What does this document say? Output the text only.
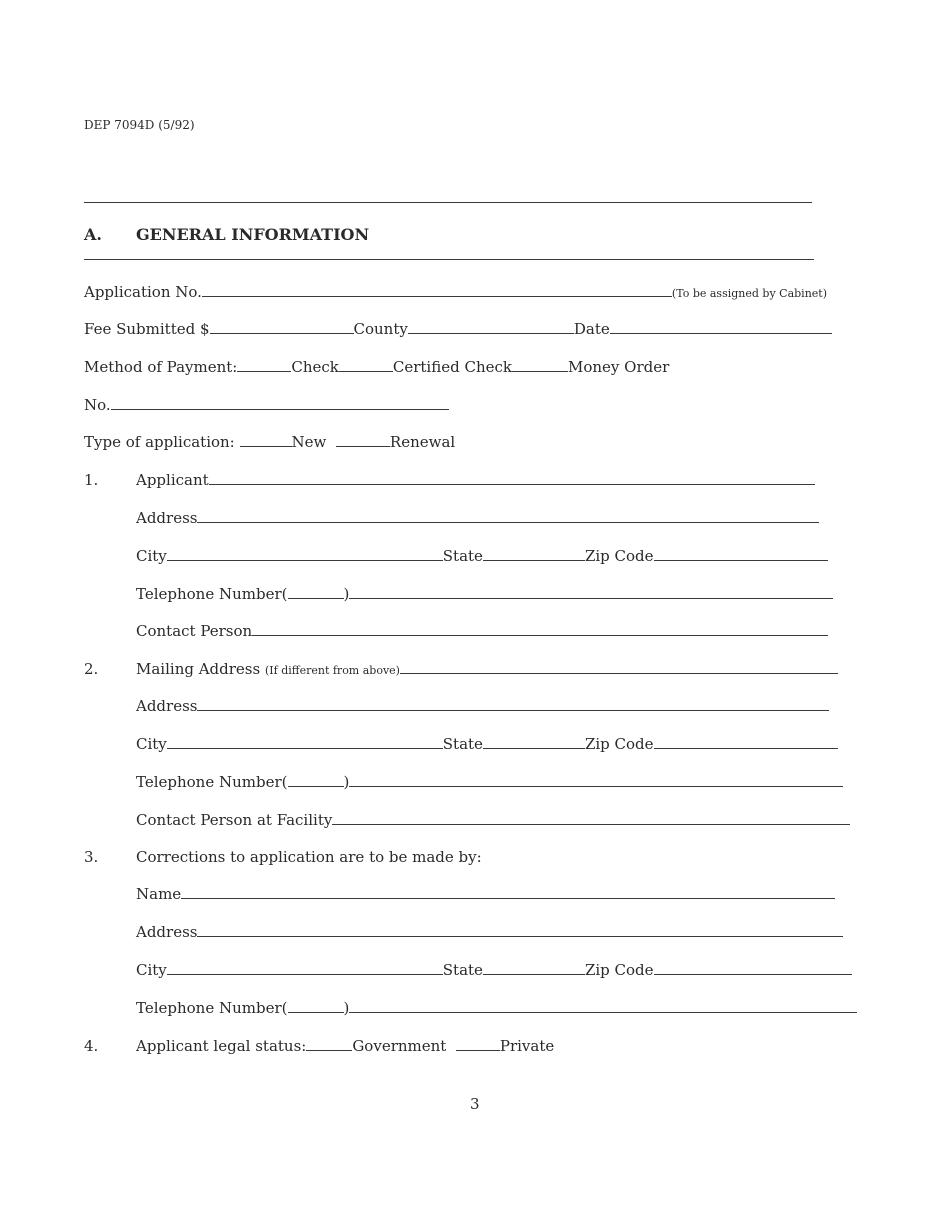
DEP 7094D (5/92)
A. GENERAL INFORMATION
Application No.	(To be assigned by Cabinet)
Fee Submitted $	County	Date
Method of Payment:	Check	Certified Check	Money Order
No.
Type of application:	New	Renewal
1.	Applicant
Address
City	State	Zip Code
Telephone Number(	)
Contact Person
2.	Mailing Address (If different from above)
Address
City	State	Zip Code
Telephone Number(	)
Contact Person at Facility
3.	Corrections to application are to be made by:
Name
Address
City	State	Zip Code
Telephone Number(	)
4.	Applicant legal status:	Government	Private
3
